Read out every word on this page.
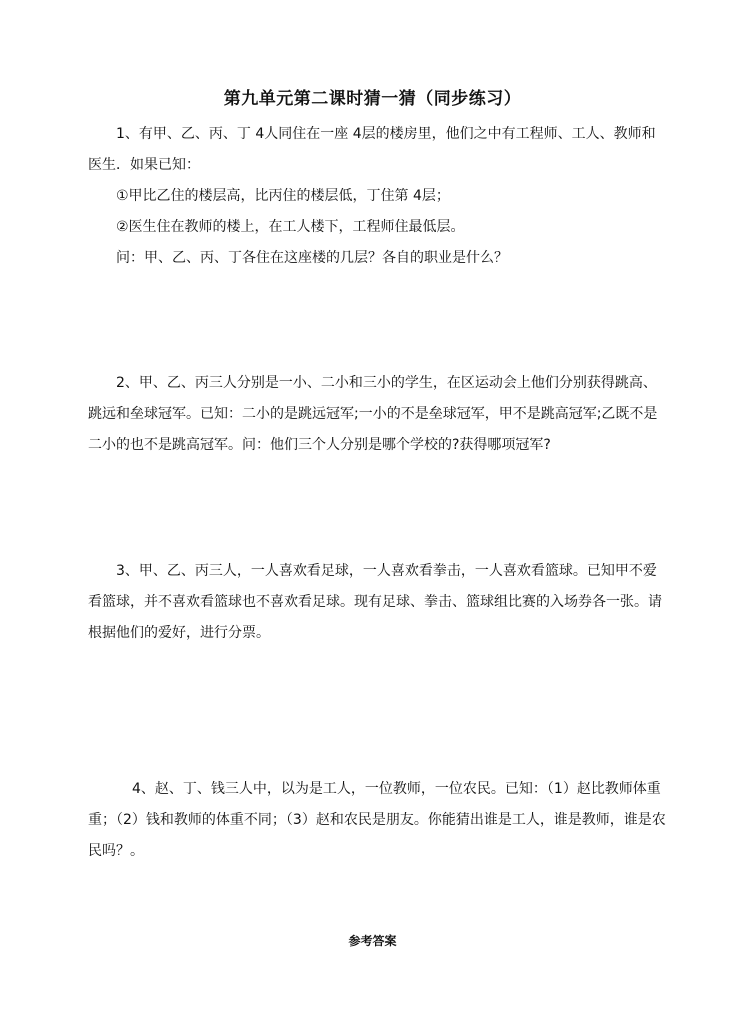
第九单元第二课时猜一猜（同步练习）
1、有甲、乙、丙、丁 4人同住在一座 4层的楼房里，他们之中有工程师、工人、教师和医生．如果已知：
①甲比乙住的楼层高，比丙住的楼层低，丁住第 4层；
②医生住在教师的楼上，在工人楼下，工程师住最低层。
问：甲、乙、丙、丁各住在这座楼的几层？各自的职业是什么？
2、甲、乙、丙三人分别是一小、二小和三小的学生，在区运动会上他们分别获得跳高、跳远和垒球冠军。已知：二小的是跳远冠军;一小的不是垒球冠军，甲不是跳高冠军;乙既不是二小的也不是跳高冠军。问：他们三个人分别是哪个学校的?获得哪项冠军?
3、甲、乙、丙三人，一人喜欢看足球，一人喜欢看拳击，一人喜欢看篮球。已知甲不爱看篮球，并不喜欢看篮球也不喜欢看足球。现有足球、拳击、篮球组比赛的入场券各一张。请根据他们的爱好，进行分票。
4、赵、丁、钱三人中，以为是工人，一位教师，一位农民。已知：（1）赵比教师体重重；（2）钱和教师的体重不同；（3）赵和农民是朋友。你能猜出谁是工人，谁是教师，谁是农民吗？。
参考答案
